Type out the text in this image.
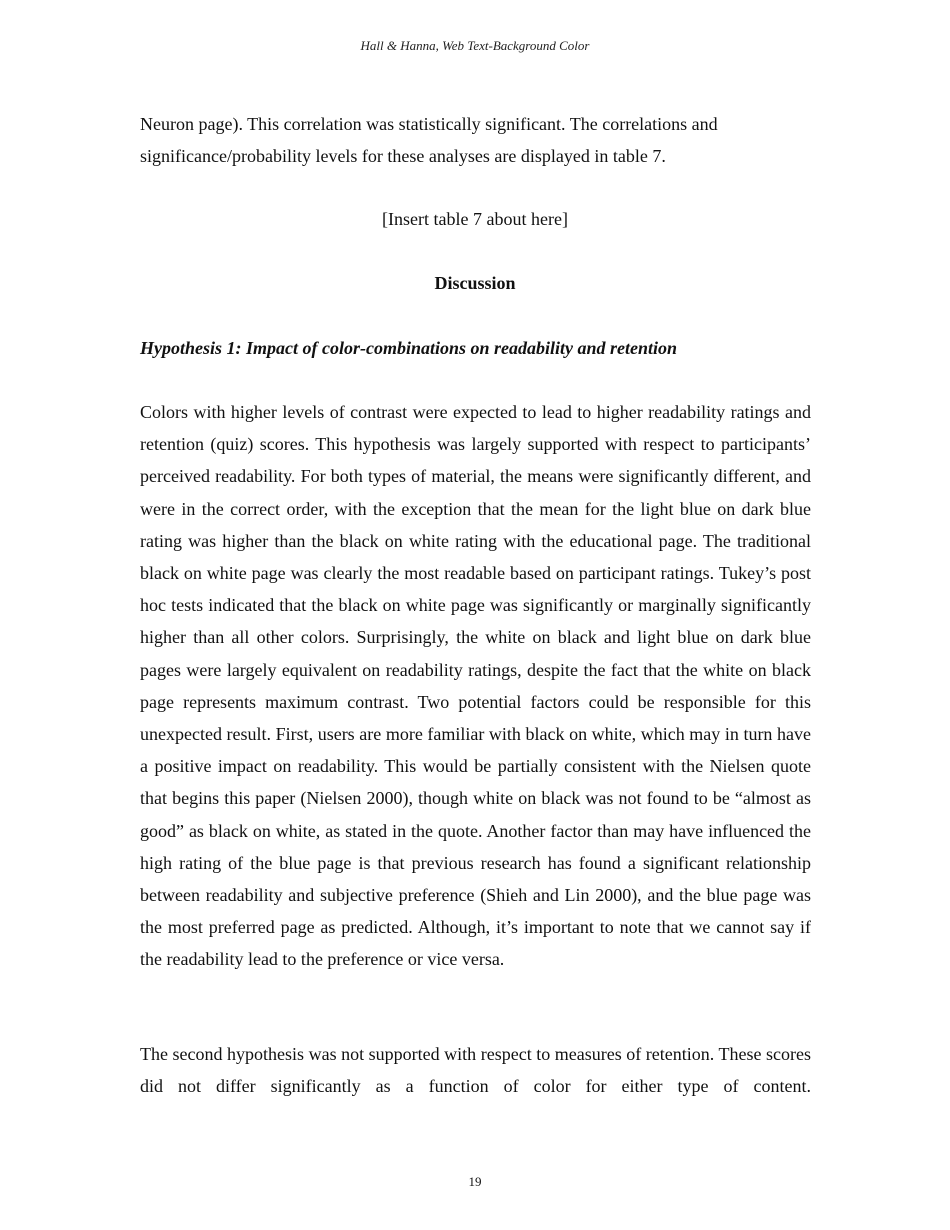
Hall & Hanna, Web Text-Background Color

Neuron page). This correlation was statistically significant. The correlations and significance/probability levels for these analyses are displayed in table 7.

[Insert table 7 about here]
Discussion
Hypothesis 1: Impact of color-combinations on readability and retention

Colors with higher levels of contrast were expected to lead to higher readability ratings and retention (quiz) scores. This hypothesis was largely supported with respect to participants’ perceived readability. For both types of material, the means were significantly different, and were in the correct order, with the exception that the mean for the light blue on dark blue rating was higher than the black on white rating with the educational page. The traditional black on white page was clearly the most readable based on participant ratings. Tukey’s post hoc tests indicated that the black on white page was significantly or marginally significantly higher than all other colors. Surprisingly, the white on black and light blue on dark blue pages were largely equivalent on readability ratings, despite the fact that the white on black page represents maximum contrast. Two potential factors could be responsible for this unexpected result. First, users are more familiar with black on white, which may in turn have a positive impact on readability. This would be partially consistent with the Nielsen quote that begins this paper (Nielsen 2000), though white on black was not found to be “almost as good” as black on white, as stated in the quote. Another factor than may have influenced the high rating of the blue page is that previous research has found a significant relationship between readability and subjective preference (Shieh and Lin 2000), and the blue page was the most preferred page as predicted. Although, it’s important to note that we cannot say if the readability lead to the preference or vice versa.

The second hypothesis was not supported with respect to measures of retention. These scores did not differ significantly as a function of color for either type of content.

19
